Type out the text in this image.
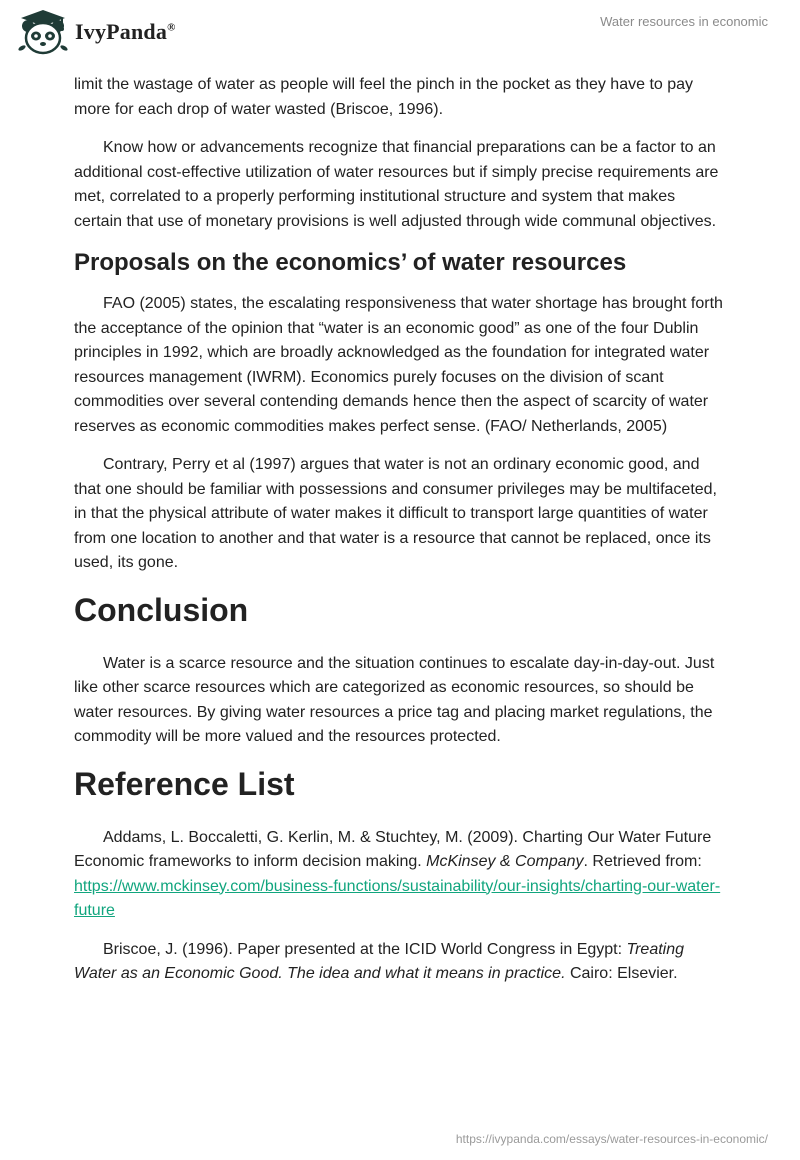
IvyPanda®	Water resources in economic

limit the wastage of water as people will feel the pinch in the pocket as they have to pay more for each drop of water wasted (Briscoe, 1996).

Know how or advancements recognize that financial preparations can be a factor to an additional cost-effective utilization of water resources but if simply precise requirements are met, correlated to a properly performing institutional structure and system that makes certain that use of monetary provisions is well adjusted through wide communal objectives.

Proposals on the economics’ of water resources

FAO (2005) states, the escalating responsiveness that water shortage has brought forth the acceptance of the opinion that “water is an economic good” as one of the four Dublin principles in 1992, which are broadly acknowledged as the foundation for integrated water resources management (IWRM). Economics purely focuses on the division of scant commodities over several contending demands hence then the aspect of scarcity of water reserves as economic commodities makes perfect sense. (FAO/ Netherlands, 2005)

Contrary, Perry et al (1997) argues that water is not an ordinary economic good, and that one should be familiar with possessions and consumer privileges may be multifaceted, in that the physical attribute of water makes it difficult to transport large quantities of water from one location to another and that water is a resource that cannot be replaced, once its used, its gone.

Conclusion

Water is a scarce resource and the situation continues to escalate day-in-day-out. Just like other scarce resources which are categorized as economic resources, so should be water resources. By giving water resources a price tag and placing market regulations, the commodity will be more valued and the resources protected.

Reference List

Addams, L. Boccaletti, G. Kerlin, M. & Stuchtey, M. (2009). Charting Our Water Future Economic frameworks to inform decision making. McKinsey & Company. Retrieved from: https://www.mckinsey.com/business-functions/sustainability/our-insights/charting-our-water-future

Briscoe, J. (1996). Paper presented at the ICID World Congress in Egypt: Treating Water as an Economic Good. The idea and what it means in practice. Cairo: Elsevier.

https://ivypanda.com/essays/water-resources-in-economic/
